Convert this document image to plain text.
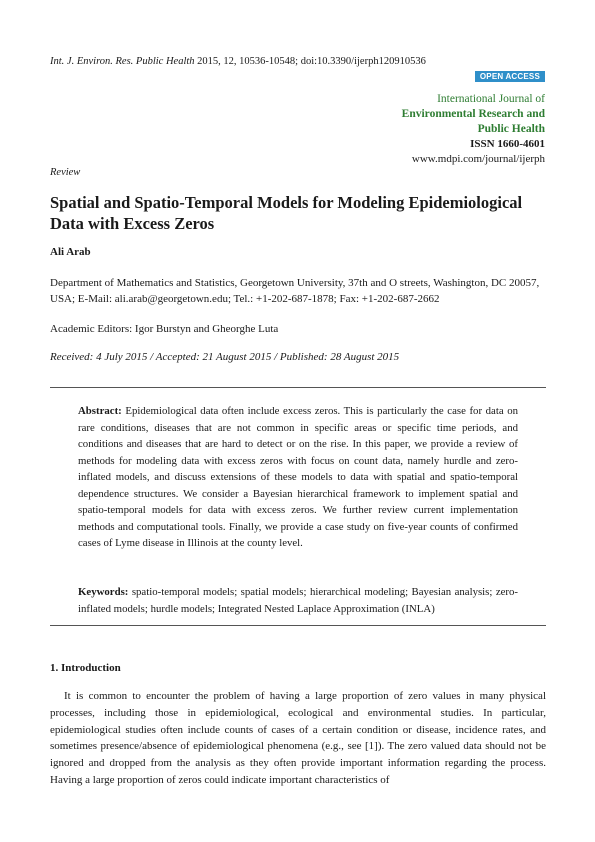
Int. J. Environ. Res. Public Health 2015, 12, 10536-10548; doi:10.3390/ijerph120910536
OPEN ACCESS
International Journal of
Environmental Research and
Public Health
ISSN 1660-4601
www.mdpi.com/journal/ijerph
Review
Spatial and Spatio-Temporal Models for Modeling Epidemiological Data with Excess Zeros
Ali Arab
Department of Mathematics and Statistics, Georgetown University, 37th and O streets, Washington, DC 20057, USA; E-Mail: ali.arab@georgetown.edu; Tel.: +1-202-687-1878; Fax: +1-202-687-2662
Academic Editors: Igor Burstyn and Gheorghe Luta
Received: 4 July 2015 / Accepted: 21 August 2015 / Published: 28 August 2015
Abstract: Epidemiological data often include excess zeros. This is particularly the case for data on rare conditions, diseases that are not common in specific areas or specific time periods, and conditions and diseases that are hard to detect or on the rise. In this paper, we provide a review of methods for modeling data with excess zeros with focus on count data, namely hurdle and zero-inflated models, and discuss extensions of these models to data with spatial and spatio-temporal dependence structures. We consider a Bayesian hierarchical framework to implement spatial and spatio-temporal models for data with excess zeros. We further review current implementation methods and computational tools. Finally, we provide a case study on five-year counts of confirmed cases of Lyme disease in Illinois at the county level.
Keywords: spatio-temporal models; spatial models; hierarchical modeling; Bayesian analysis; zero-inflated models; hurdle models; Integrated Nested Laplace Approximation (INLA)
1. Introduction
It is common to encounter the problem of having a large proportion of zero values in many physical processes, including those in epidemiological, ecological and environmental studies. In particular, epidemiological studies often include counts of cases of a certain condition or disease, incidence rates, and sometimes presence/absence of epidemiological phenomena (e.g., see [1]). The zero valued data should not be ignored and dropped from the analysis as they often provide important information regarding the process. Having a large proportion of zeros could indicate important characteristics of
